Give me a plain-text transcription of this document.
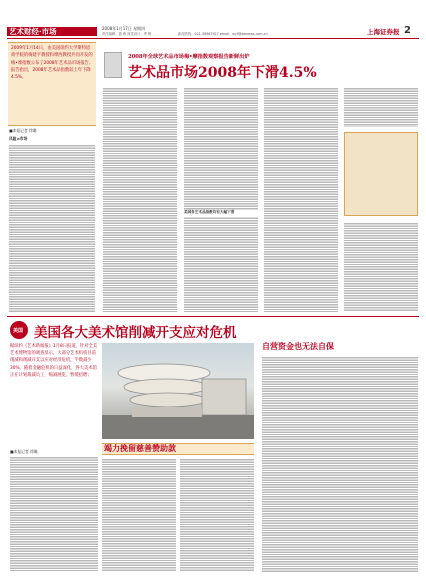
艺术财经·市场	2008年1月17日 星期四
责任编辑：钱 珍 视觉设计：季 晖	新闻热线：021-38967927 email：wyf@wenews.com.cn	上海证券报 2
2009年1月14日，由美国纽约大学斯特恩商学院的梅建平教授和摩西教授共同开发的梅•摩指数公布了2008年艺术品市场报告。报告指出，2008年艺术品指数较上年下降4.5%。
■本报记者 徐璐
风险≠市场
2008年全球艺术品市场梅•摩指数观察报告新鲜出炉
艺术品市场2008年下滑4.5%
美国各艺术品指数均有大幅下滑
美国 美国各大美术馆削减开支应对危机
据纽约《艺术新闻报》1月8日报道，针对全美艺术博物馆的调查显示，大部分艺术机构目前削减和削减开支以应对经济危机，半数减少30%，随着金融危机的日益深化，各大美术馆正在计划裁减员工，缩减展览，暂缓招聘；
■本报记者 徐璐	竭力挽留慈善赞助款
自营资金也无法自保
